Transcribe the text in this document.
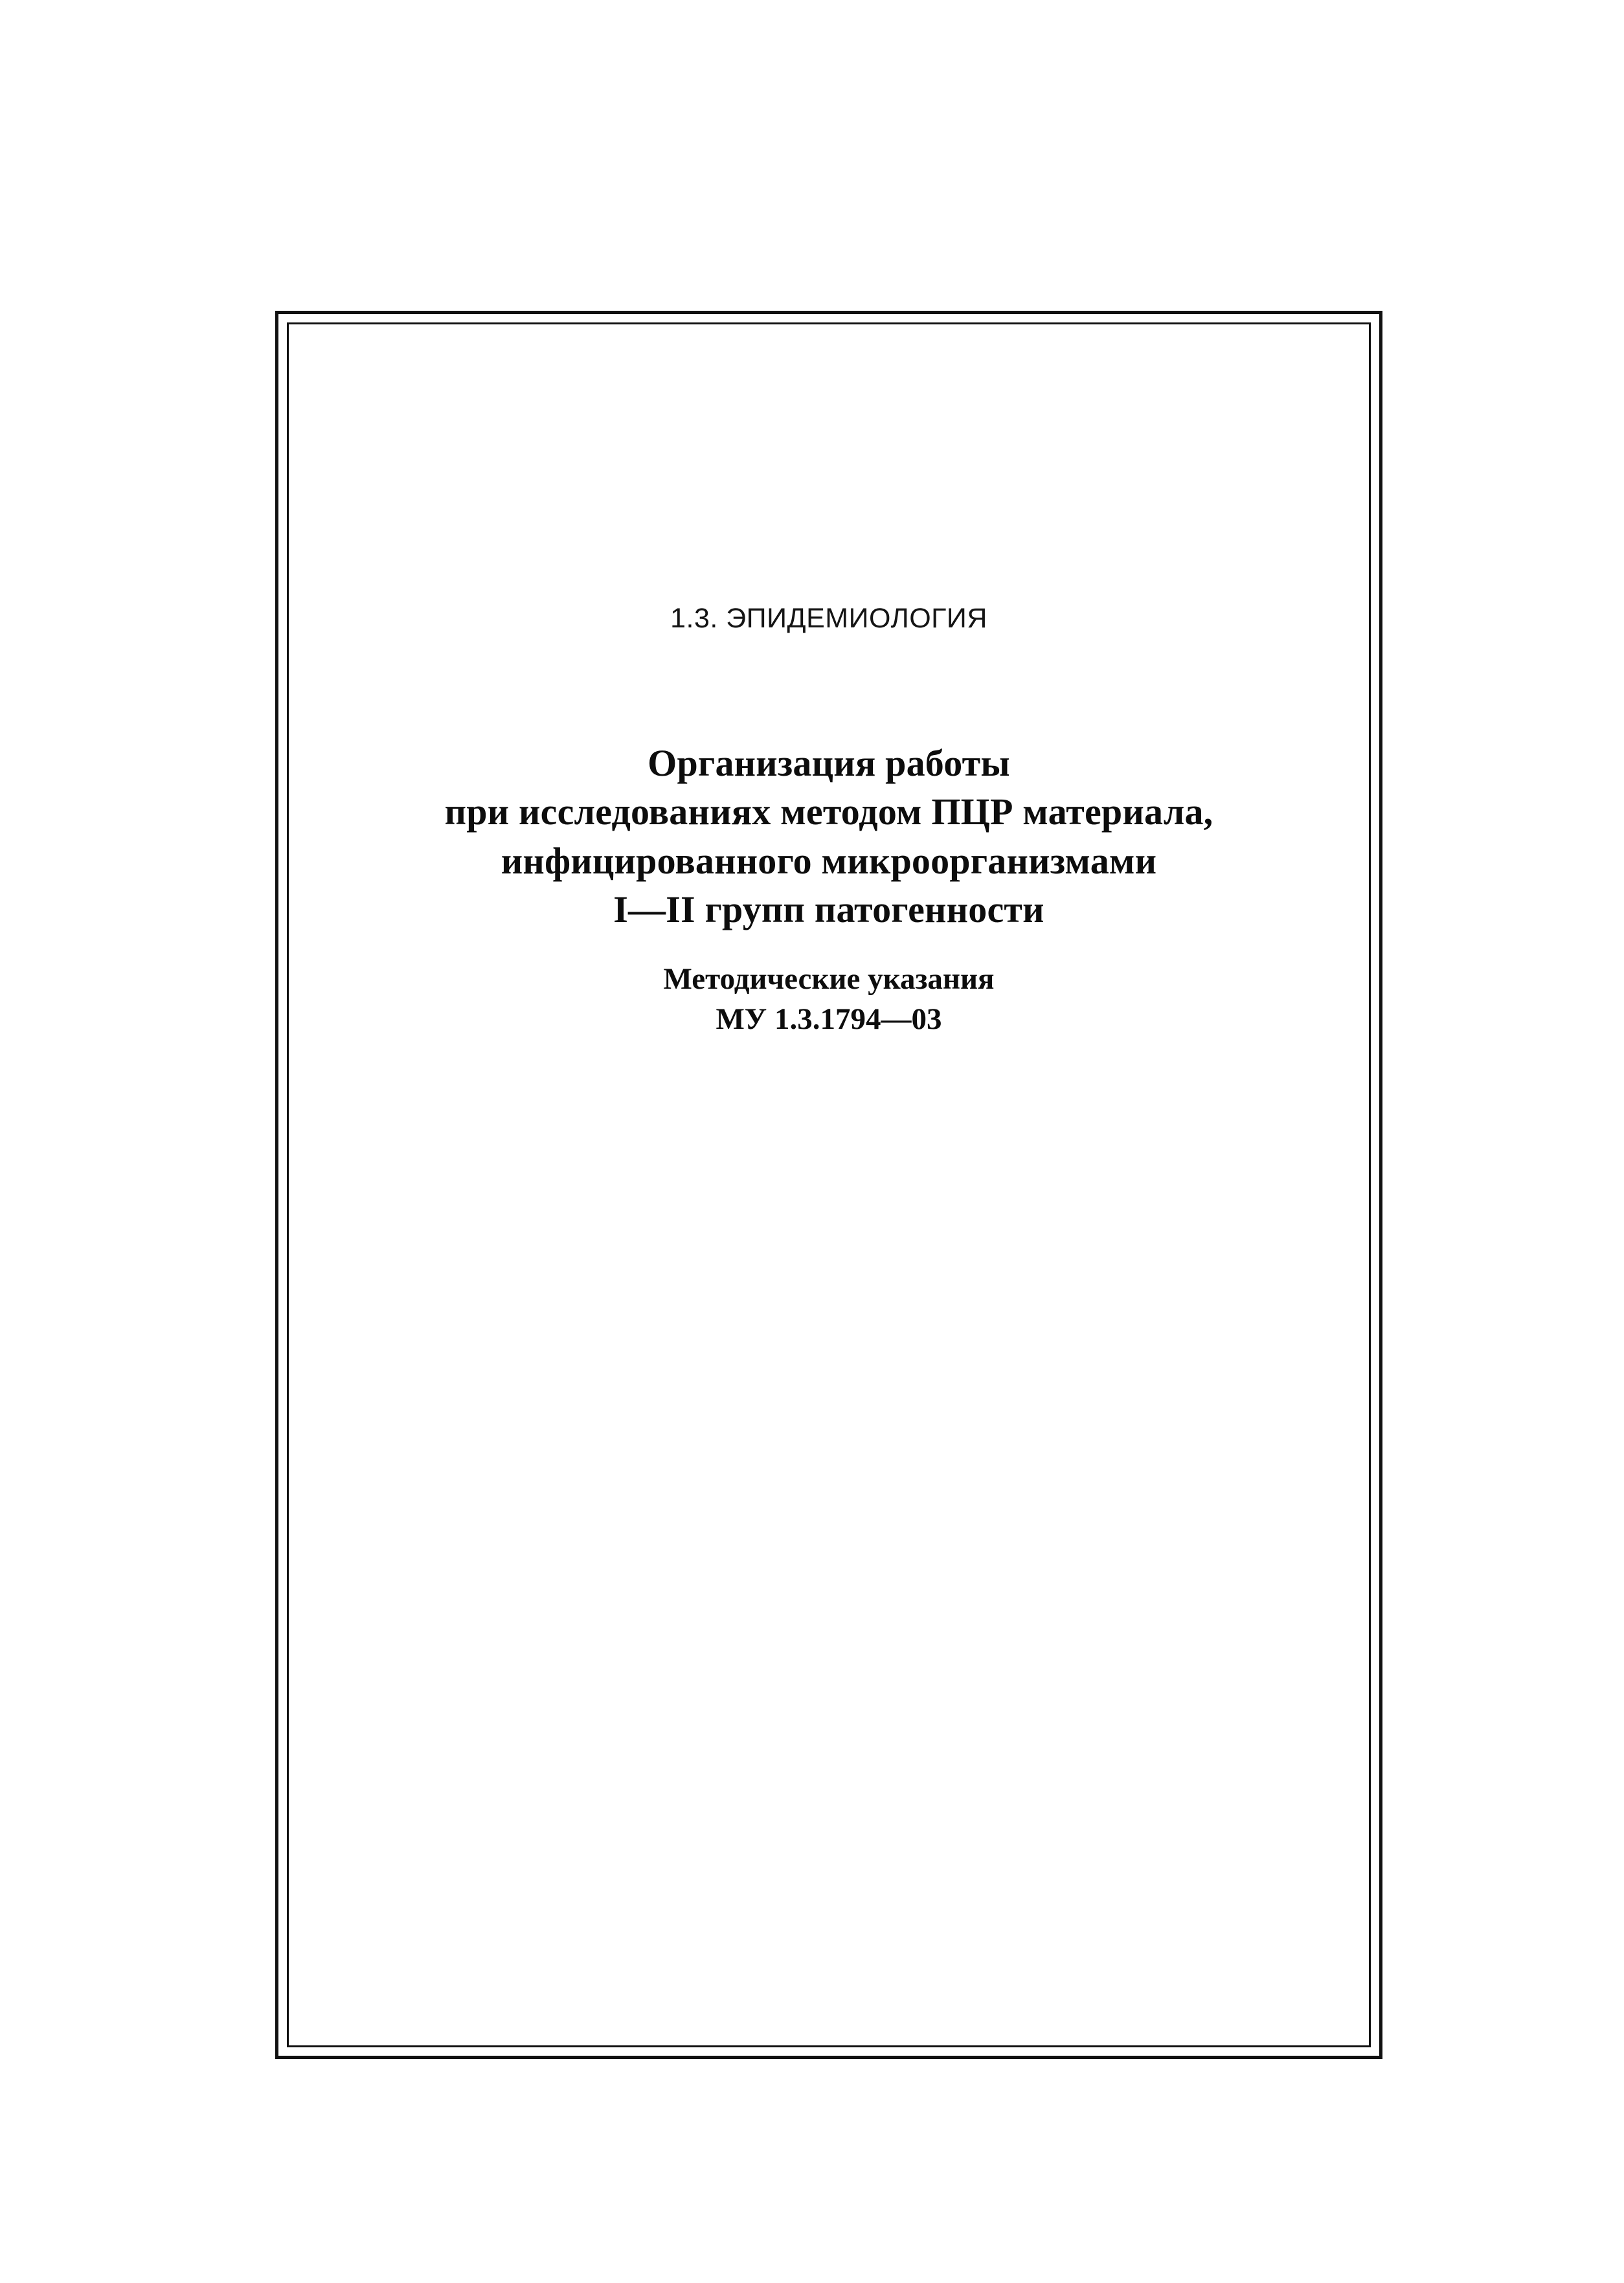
1.3. ЭПИДЕМИОЛОГИЯ
Организация работы
при исследованиях методом ПЦР материала,
инфицированного микроорганизмами
I—II групп патогенности
Методические указания
МУ 1.3.1794—03
